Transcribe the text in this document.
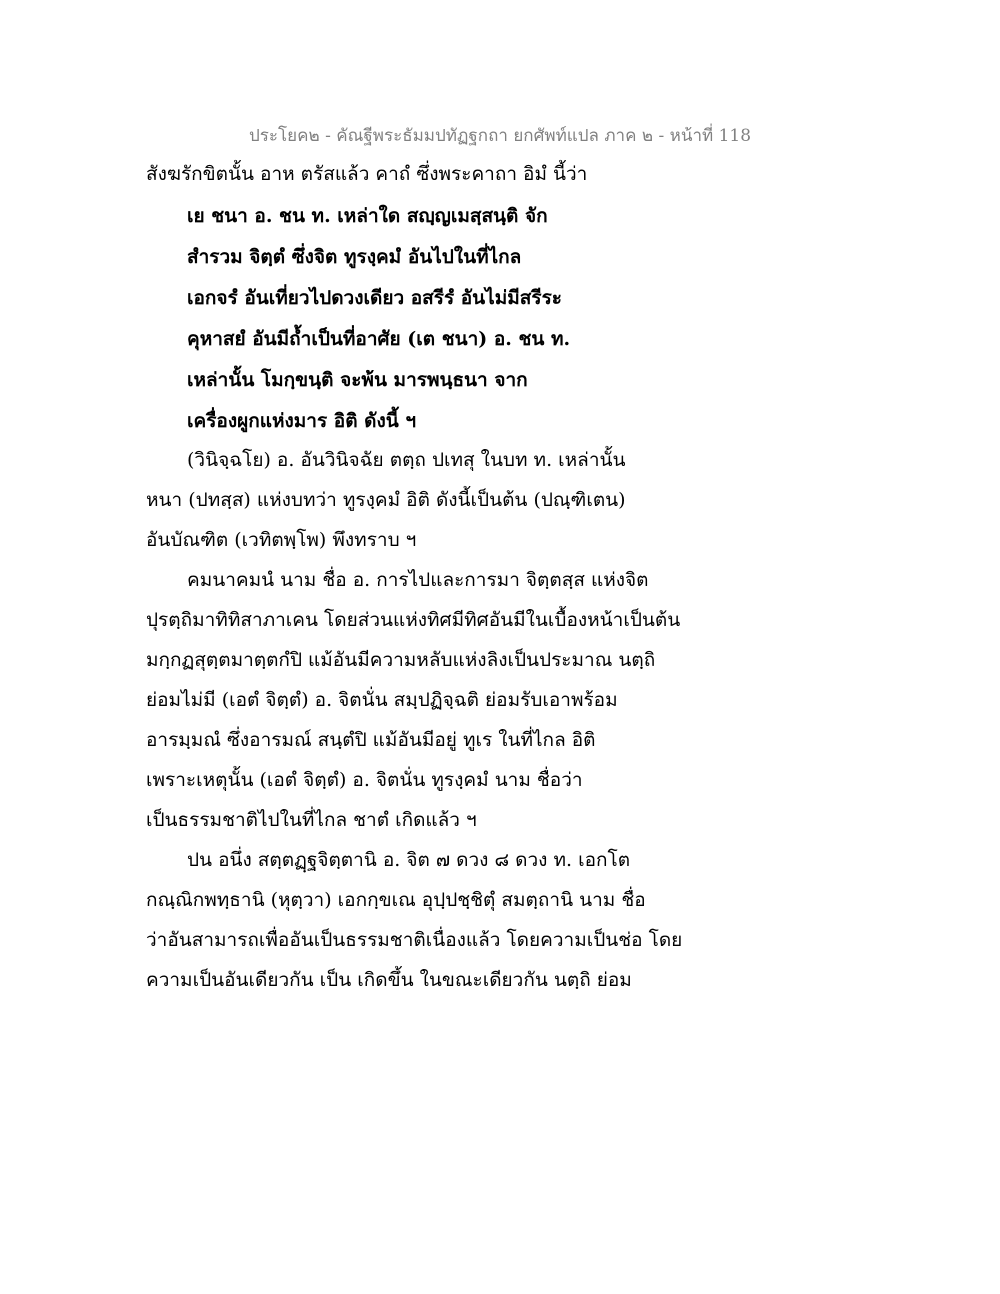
ประโยค๒ - คัณฐีพระธัมมปทัฏฐกถา ยกศัพท์แปล ภาค ๒ - หน้าที่ 118
สังฆรักขิตนั้น อาห ตรัสแล้ว คาถํ ซึ่งพระคาถา อิมํ นี้ว่า
เย ชนา อ. ชน ท. เหล่าใด สญฺญเมสฺสนฺติ จัก
สำรวม จิตฺตํ ซึ่งจิต ทูรงฺคมํ อันไปในที่ไกล
เอกจรํ อันเที่ยวไปดวงเดียว อสรีรํ อันไม่มีสรีระ
คุหาสยํ อันมีถ้ำเป็นที่อาศัย (เต ชนา) อ. ชน ท.
เหล่านั้น โมกฺขนฺติ จะพ้น มารพนฺธนา จาก
เครื่องผูกแห่งมาร อิติ ดังนี้ ฯ
(วินิจฺฉโย) อ. อันวินิจฉัย ตตฺถ ปเทสุ ในบท ท. เหล่านั้น
หนา (ปทสฺส) แห่งบทว่า ทูรงฺคมํ อิติ ดังนี้เป็นต้น (ปณฺฑิเตน)
อันบัณฑิต (เวทิตพฺโพ) พึงทราบ ฯ
คมนาคมนํ นาม ชื่อ อ. การไปและการมา จิตฺตสฺส แห่งจิต
ปุรตฺถิมาทิทิสาภาเคน โดยส่วนแห่งทิศมีทิศอันมีในเบื้องหน้าเป็นต้น
มกฺกฏสุตฺตมาตฺตกํปิ แม้อันมีความหลับแห่งลิงเป็นประมาณ นตฺถิ
ย่อมไม่มี (เอตํ จิตฺตํ) อ. จิตนั่น สมฺปฏิจฺฉติ ย่อมรับเอาพร้อม
อารมฺมณํ ซึ่งอารมณ์ สนฺตํปิ แม้อันมีอยู่ ทูเร ในที่ไกล อิติ
เพราะเหตุนั้น (เอตํ จิตฺตํ) อ. จิตนั่น ทูรงฺคมํ นาม ชื่อว่า
เป็นธรรมชาติไปในที่ไกล ชาตํ เกิดแล้ว ฯ
ปน อนึ่ง สตฺตฏฺฐจิตฺตานิ อ. จิต ๗ ดวง ๘ ดวง ท. เอกโต
กณฺณิกพทฺธานิ (หุตฺวา) เอกกฺขเณ อุปฺปชฺชิตุํ สมตฺถานิ นาม ชื่อ
ว่าอันสามารถเพื่ออันเป็นธรรมชาติเนื่องแล้ว โดยความเป็นช่อ โดย
ความเป็นอันเดียวกัน เป็น เกิดขึ้น ในขณะเดียวกัน นตฺถิ ย่อม
